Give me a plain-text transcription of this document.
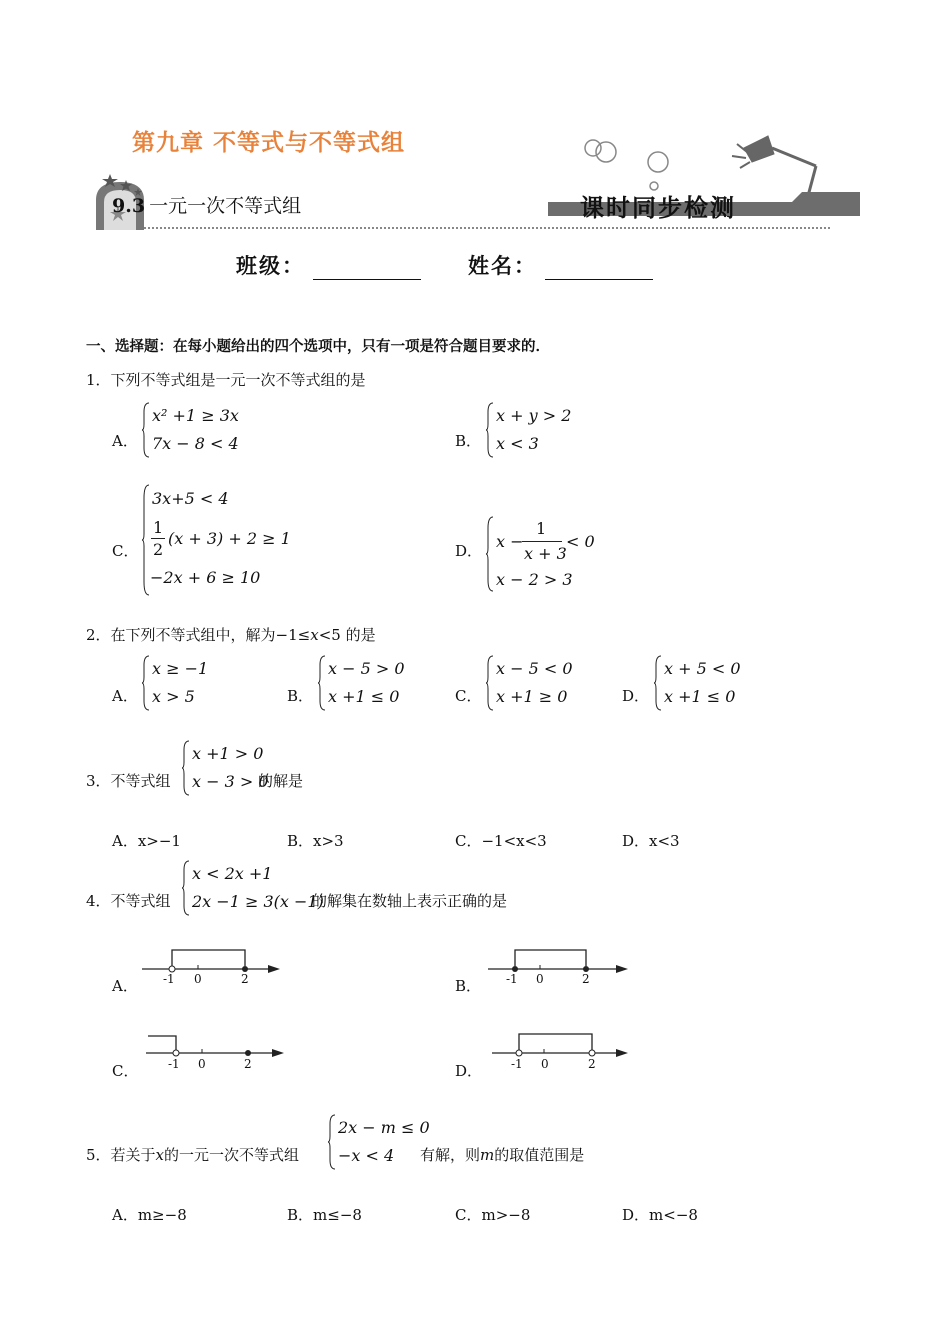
第九章 不等式与不等式组
9.3 一元一次不等式组	课时同步检测
班级：	姓名：
一、选择题：在每小题给出的四个选项中，只有一项是符合题目要求的．
1．下列不等式组是一元一次不等式组的是
A．
x² +1 ≥ 3x
7x − 8 < 4	B．
x + y > 2
x < 3
C．
3x+5 < 4
1
2
(x + 3) + 2 ≥ 1
−2x + 6 ≥ 10
D． x −
1
x + 3
< 0
x − 2 > 3
2．在下列不等式组中，解为−1≤x<5 的是
A．
x ≥ −1
x > 5	B．
x − 5 > 0
x +1 ≤ 0	C．
x − 5 < 0
x +1 ≥ 0	D．
x + 5 < 0
x +1 ≤ 0
3．不等式组
x +1 > 0
x − 3 > 0
的解是
A．x>−1	B．x>3	C．−1<x<3	D．x<3
4．不等式组
x < 2x +1
2x −1 ≥ 3(x −1)
的解集在数轴上表示正确的是
A． -1 0	2	B． -1 0	2
C． -1 0	2	D． -1 0	2
5．若关于x的一元一次不等式组
2x − m ≤ 0
−x < 4 有解，则m的取值范围是
A．m≥−8	B．m≤−8	C．m>−8	D．m<−8
